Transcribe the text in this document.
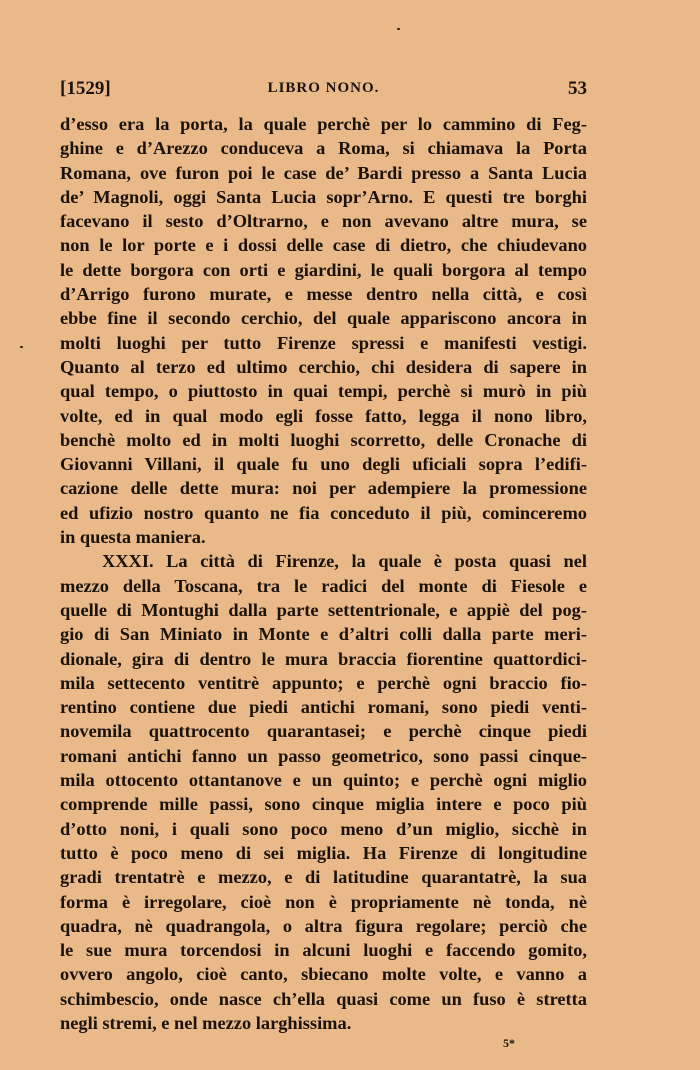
[1529]	LIBRO NONO.	53
d’esso era la porta, la quale perchè per lo cammino di Feg-
ghine e d’Arezzo conduceva a Roma, si chiamava la Porta
Romana, ove furon poi le case de’ Bardi presso a Santa Lucia
de’ Magnoli, oggi Santa Lucia sopr’Arno. E questi tre borghi
facevano il sesto d’Oltrarno, e non avevano altre mura, se
non le lor porte e i dossi delle case di dietro, che chiudevano
le dette borgora con orti e giardini, le quali borgora al tempo
d’Arrigo furono murate, e messe dentro nella città, e così
ebbe fine il secondo cerchio, del quale appariscono ancora in
molti luoghi per tutto Firenze spressi e manifesti vestigi.
Quanto al terzo ed ultimo cerchio, chi desidera di sapere in
qual tempo, o piuttosto in quai tempi, perchè si murò in più
volte, ed in qual modo egli fosse fatto, legga il nono libro,
benchè molto ed in molti luoghi scorretto, delle Cronache di
Giovanni Villani, il quale fu uno degli uficiali sopra l’edifi-
cazione delle dette mura: noi per adempiere la promessione
ed ufizio nostro quanto ne fia conceduto il più, cominceremo
in questa maniera.
XXXI. La città di Firenze, la quale è posta quasi nel
mezzo della Toscana, tra le radici del monte di Fiesole e
quelle di Montughi dalla parte settentrionale, e appiè del pog-
gio di San Miniato in Monte e d’altri colli dalla parte meri-
dionale, gira di dentro le mura braccia fiorentine quattordici-
mila settecento ventitrè appunto; e perchè ogni braccio fio-
rentino contiene due piedi antichi romani, sono piedi venti-
novemila quattrocento quarantasei; e perchè cinque piedi
romani antichi fanno un passo geometrico, sono passi cinque-
mila ottocento ottantanove e un quinto; e perchè ogni miglio
comprende mille passi, sono cinque miglia intere e poco più
d’otto noni, i quali sono poco meno d’un miglio, sicchè in
tutto è poco meno di sei miglia. Ha Firenze di longitudine
gradi trentatrè e mezzo, e di latitudine quarantatrè, la sua
forma è irregolare, cioè non è propriamente nè tonda, nè
quadra, nè quadrangola, o altra figura regolare; perciò che
le sue mura torcendosi in alcuni luoghi e faccendo gomito,
ovvero angolo, cioè canto, sbiecano molte volte, e vanno a
schimbescio, onde nasce ch’ella quasi come un fuso è stretta
negli stremi, e nel mezzo larghissima.
5*
